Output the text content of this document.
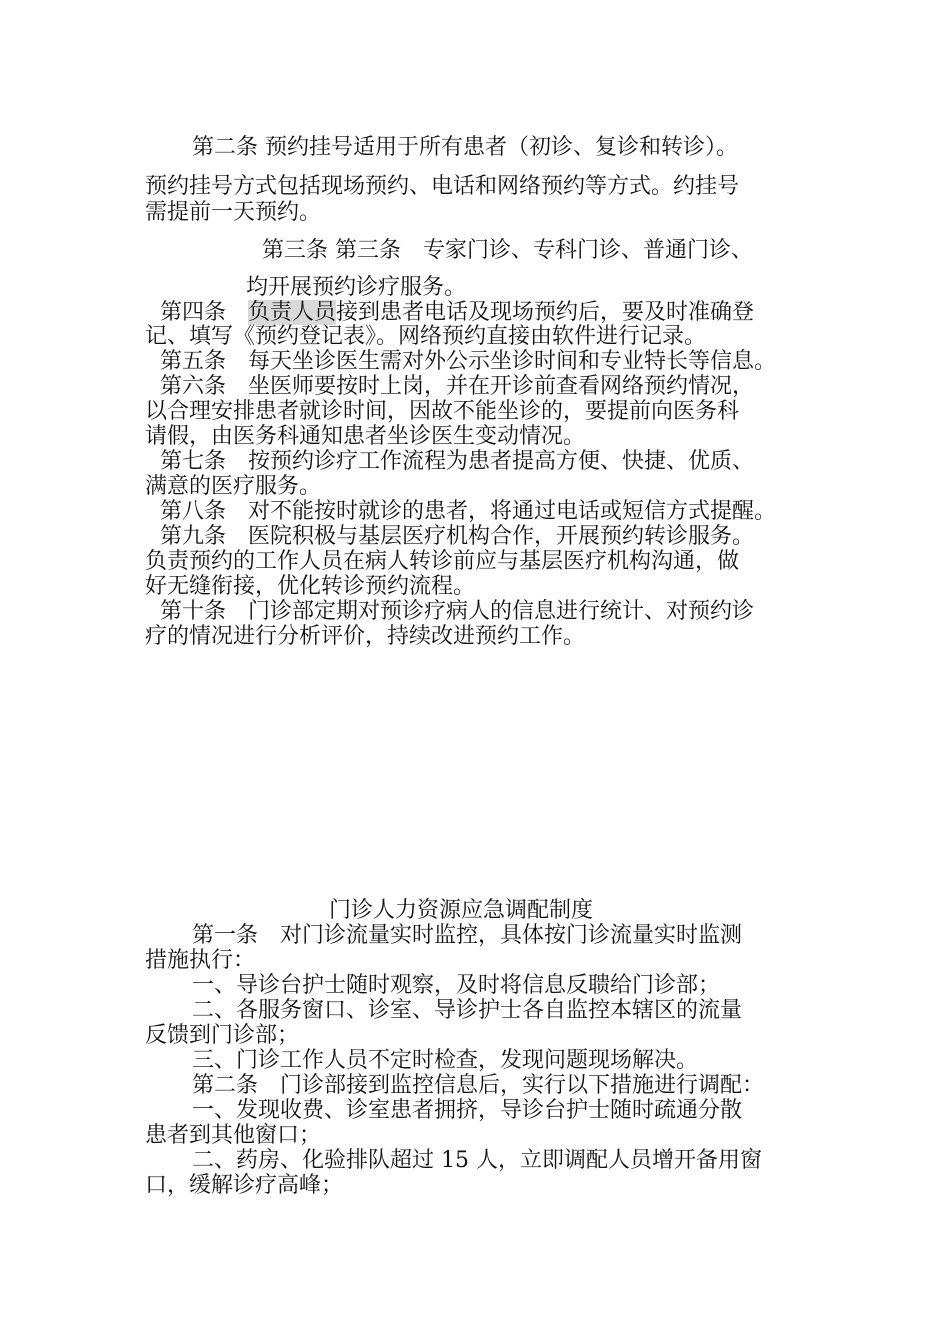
第二条 预约挂号适用于所有患者（初诊、复诊和转诊）。
预约挂号方式包括现场预约、电话和网络预约等方式。约挂号
需提前一天预约。
第三条 第三条　专家门诊、专科门诊、普通门诊、
均开展预约诊疗服务。
第四条　 负责人员接到患者电话及现场预约后，要及时准确登
记、填写《预约登记表》。网络预约直接由软件进行记录。
第五条　每天坐诊医生需对外公示坐诊时间和专业特长等信息。
第六条　坐医师要按时上岗，并在开诊前查看网络预约情况，
以合理安排患者就诊时间，因故不能坐诊的，要提前向医务科
请假，由医务科通知患者坐诊医生变动情况。
第七条　按预约诊疗工作流程为患者提高方便、快捷、优质、
满意的医疗服务。
第八条　对不能按时就诊的患者，将通过电话或短信方式提醒。
第九条　医院积极与基层医疗机构合作，开展预约转诊服务。
负责预约的工作人员在病人转诊前应与基层医疗机构沟通，做
好无缝衔接，优化转诊预约流程。
第十条　门诊部定期对预诊疗病人的信息进行统计、对预约诊
疗的情况进行分析评价，持续改进预约工作。
门诊人力资源应急调配制度
第一条　对门诊流量实时监控，具体按门诊流量实时监测
措施执行：
一、导诊台护士随时观察，及时将信息反聩给门诊部；
二、各服务窗口、诊室、导诊护士各自监控本辖区的流量
反馈到门诊部；
三、门诊工作人员不定时检查，发现问题现场解决。
第二条　门诊部接到监控信息后，实行以下措施进行调配：
一、发现收费、诊室患者拥挤，导诊台护士随时疏通分散
患者到其他窗口；
二、药房、化验排队超过 15 人，立即调配人员增开备用窗
口，缓解诊疗高峰；
